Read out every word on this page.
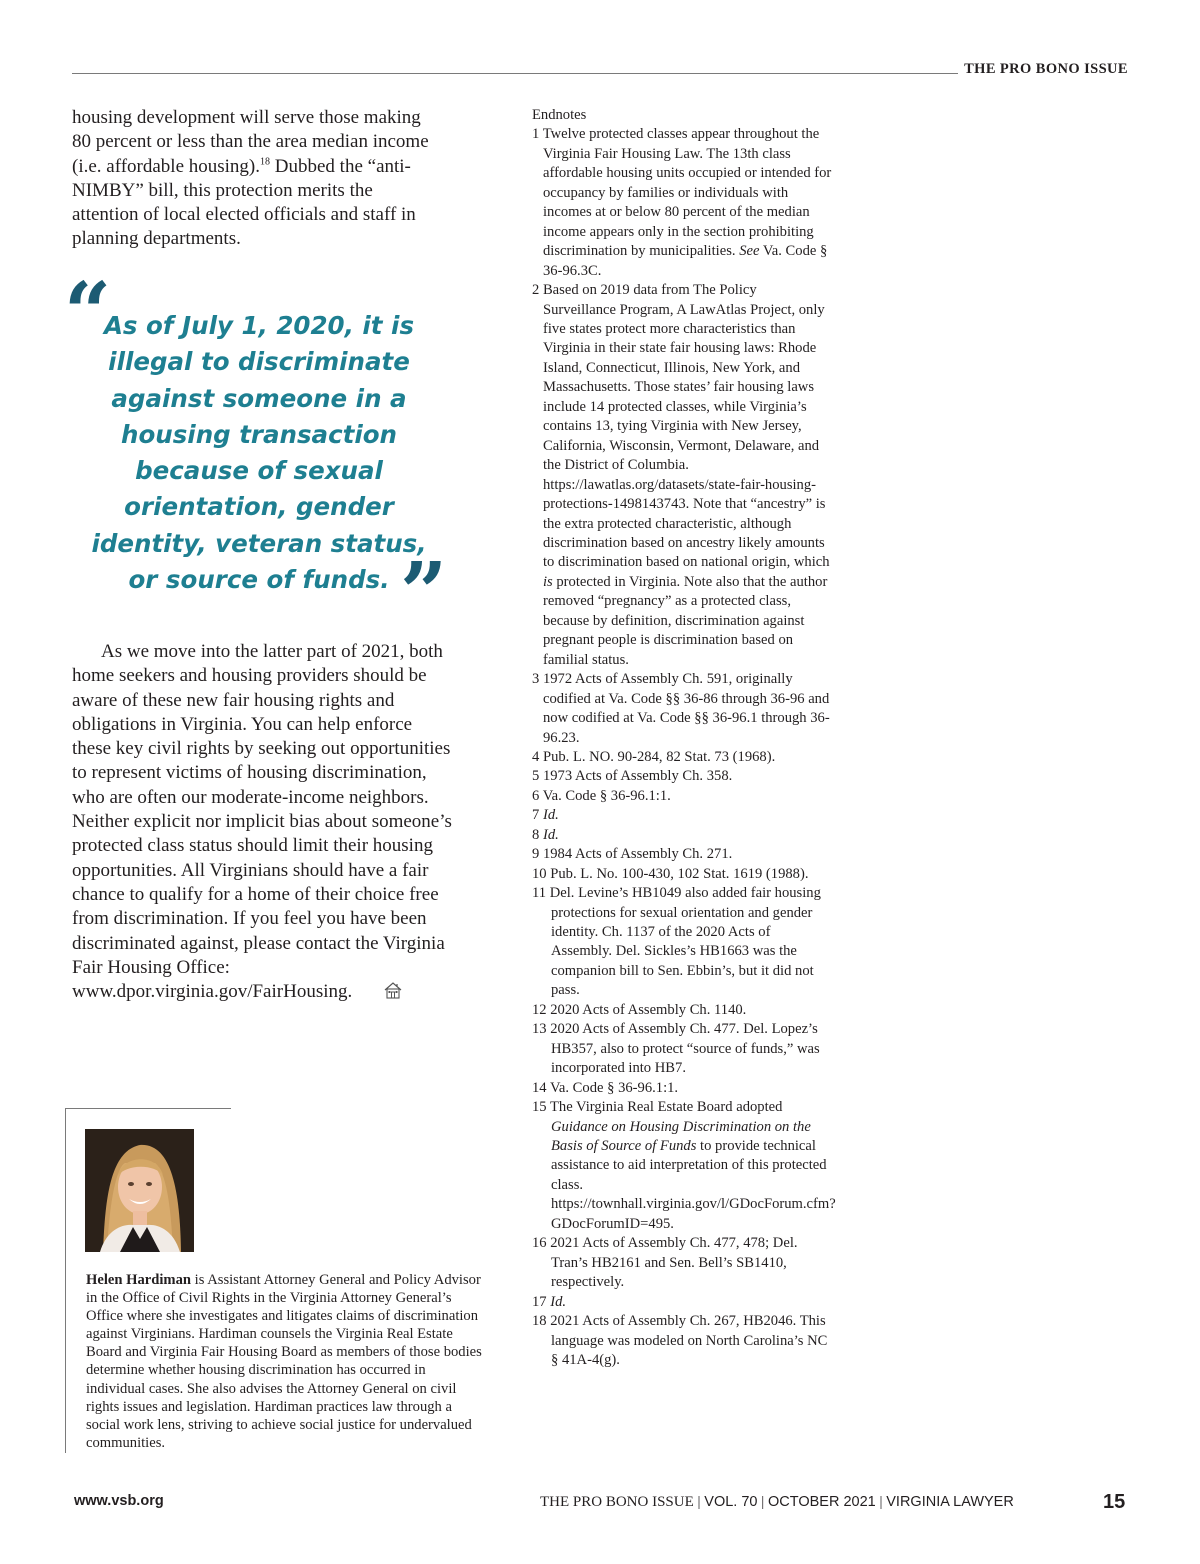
THE PRO BONO ISSUE

housing development will serve those making 80 percent or less than the area median income (i.e. affordable housing).$^{18}$ Dubbed the “anti-NIMBY” bill, this protection merits the attention of local elected officials and staff in planning departments.

“
As of July 1, 2020, it is illegal to discriminate against someone in a housing transaction because of sexual orientation, gender identity, veteran status, or source of funds. ”

As we move into the latter part of 2021, both home seekers and housing providers should be aware of these new fair housing rights and obligations in Virginia. You can help enforce these key civil rights by seeking out opportunities to represent victims of housing discrimination, who are often our moderate-income neighbors. Neither explicit nor implicit bias about someone’s protected class status should limit their housing opportunities. All Virginians should have a fair chance to qualify for a home of their choice free from discrimination. If you feel you have been discriminated against, please contact the Virginia Fair Housing Office: www.dpor.virginia.gov/FairHousing.

Helen Hardiman is Assistant Attorney General and Policy Advisor in the Office of Civil Rights in the Virginia Attorney General’s Office where she investigates and litigates claims of discrimination against Virginians. Hardiman counsels the Virginia Real Estate Board and Virginia Fair Housing Board as members of those bodies determine whether housing discrimination has occurred in individual cases. She also advises the Attorney General on civil rights issues and legislation. Hardiman practices law through a social work lens, striving to achieve social justice for undervalued communities.

Endnotes

1 Twelve protected classes appear throughout the Virginia Fair Housing Law. The 13th class affordable housing units occupied or intended for occupancy by families or individuals with incomes at or below 80 percent of the median income appears only in the section prohibiting discrimination by municipalities. See Va. Code § 36-96.3C.
2 Based on 2019 data from The Policy Surveillance Program, A LawAtlas Project, only five states protect more characteristics than Virginia in their state fair housing laws: Rhode Island, Connecticut, Illinois, New York, and Massachusetts. Those states’ fair housing laws include 14 protected classes, while Virginia’s contains 13, tying Virginia with New Jersey, California, Wisconsin, Vermont, Delaware, and the District of Columbia. https://lawatlas.org/datasets/state-fair-housing-protections-1498143743. Note that “ancestry” is the extra protected characteristic, although discrimination based on ancestry likely amounts to discrimination based on national origin, which is protected in Virginia. Note also that the author removed “pregnancy” as a protected class, because by definition, discrimination against pregnant people is discrimination based on familial status.
3 1972 Acts of Assembly Ch. 591, originally codified at Va. Code §§ 36-86 through 36-96 and now codified at Va. Code §§ 36-96.1 through 36-96.23.
4 Pub. L. NO. 90-284, 82 Stat. 73 (1968).
5 1973 Acts of Assembly Ch. 358.
6 Va. Code § 36-96.1:1.
7 Id.
8 Id.
9 1984 Acts of Assembly Ch. 271.
10 Pub. L. No. 100-430, 102 Stat. 1619 (1988).
11 Del. Levine’s HB1049 also added fair housing protections for sexual orientation and gender identity. Ch. 1137 of the 2020 Acts of Assembly. Del. Sickles’s HB1663 was the companion bill to Sen. Ebbin’s, but it did not pass.
12 2020 Acts of Assembly Ch. 1140.
13 2020 Acts of Assembly Ch. 477. Del. Lopez’s HB357, also to protect “source of funds,” was incorporated into HB7.
14 Va. Code § 36-96.1:1.
15 The Virginia Real Estate Board adopted Guidance on Housing Discrimination on the Basis of Source of Funds to provide technical assistance to aid interpretation of this protected class. https://townhall.virginia.gov/l/GDocForum.cfm?GDocForumID=495.
16 2021 Acts of Assembly Ch. 477, 478; Del. Tran’s HB2161 and Sen. Bell’s SB1410, respectively.
17 Id.
18 2021 Acts of Assembly Ch. 267, HB2046. This language was modeled on North Carolina’s NC § 41A-4(g).
www.vsb.org	THE PRO BONO ISSUE | VOL. 70 | OCTOBER 2021 | VIRGINIA LAWYER	15
